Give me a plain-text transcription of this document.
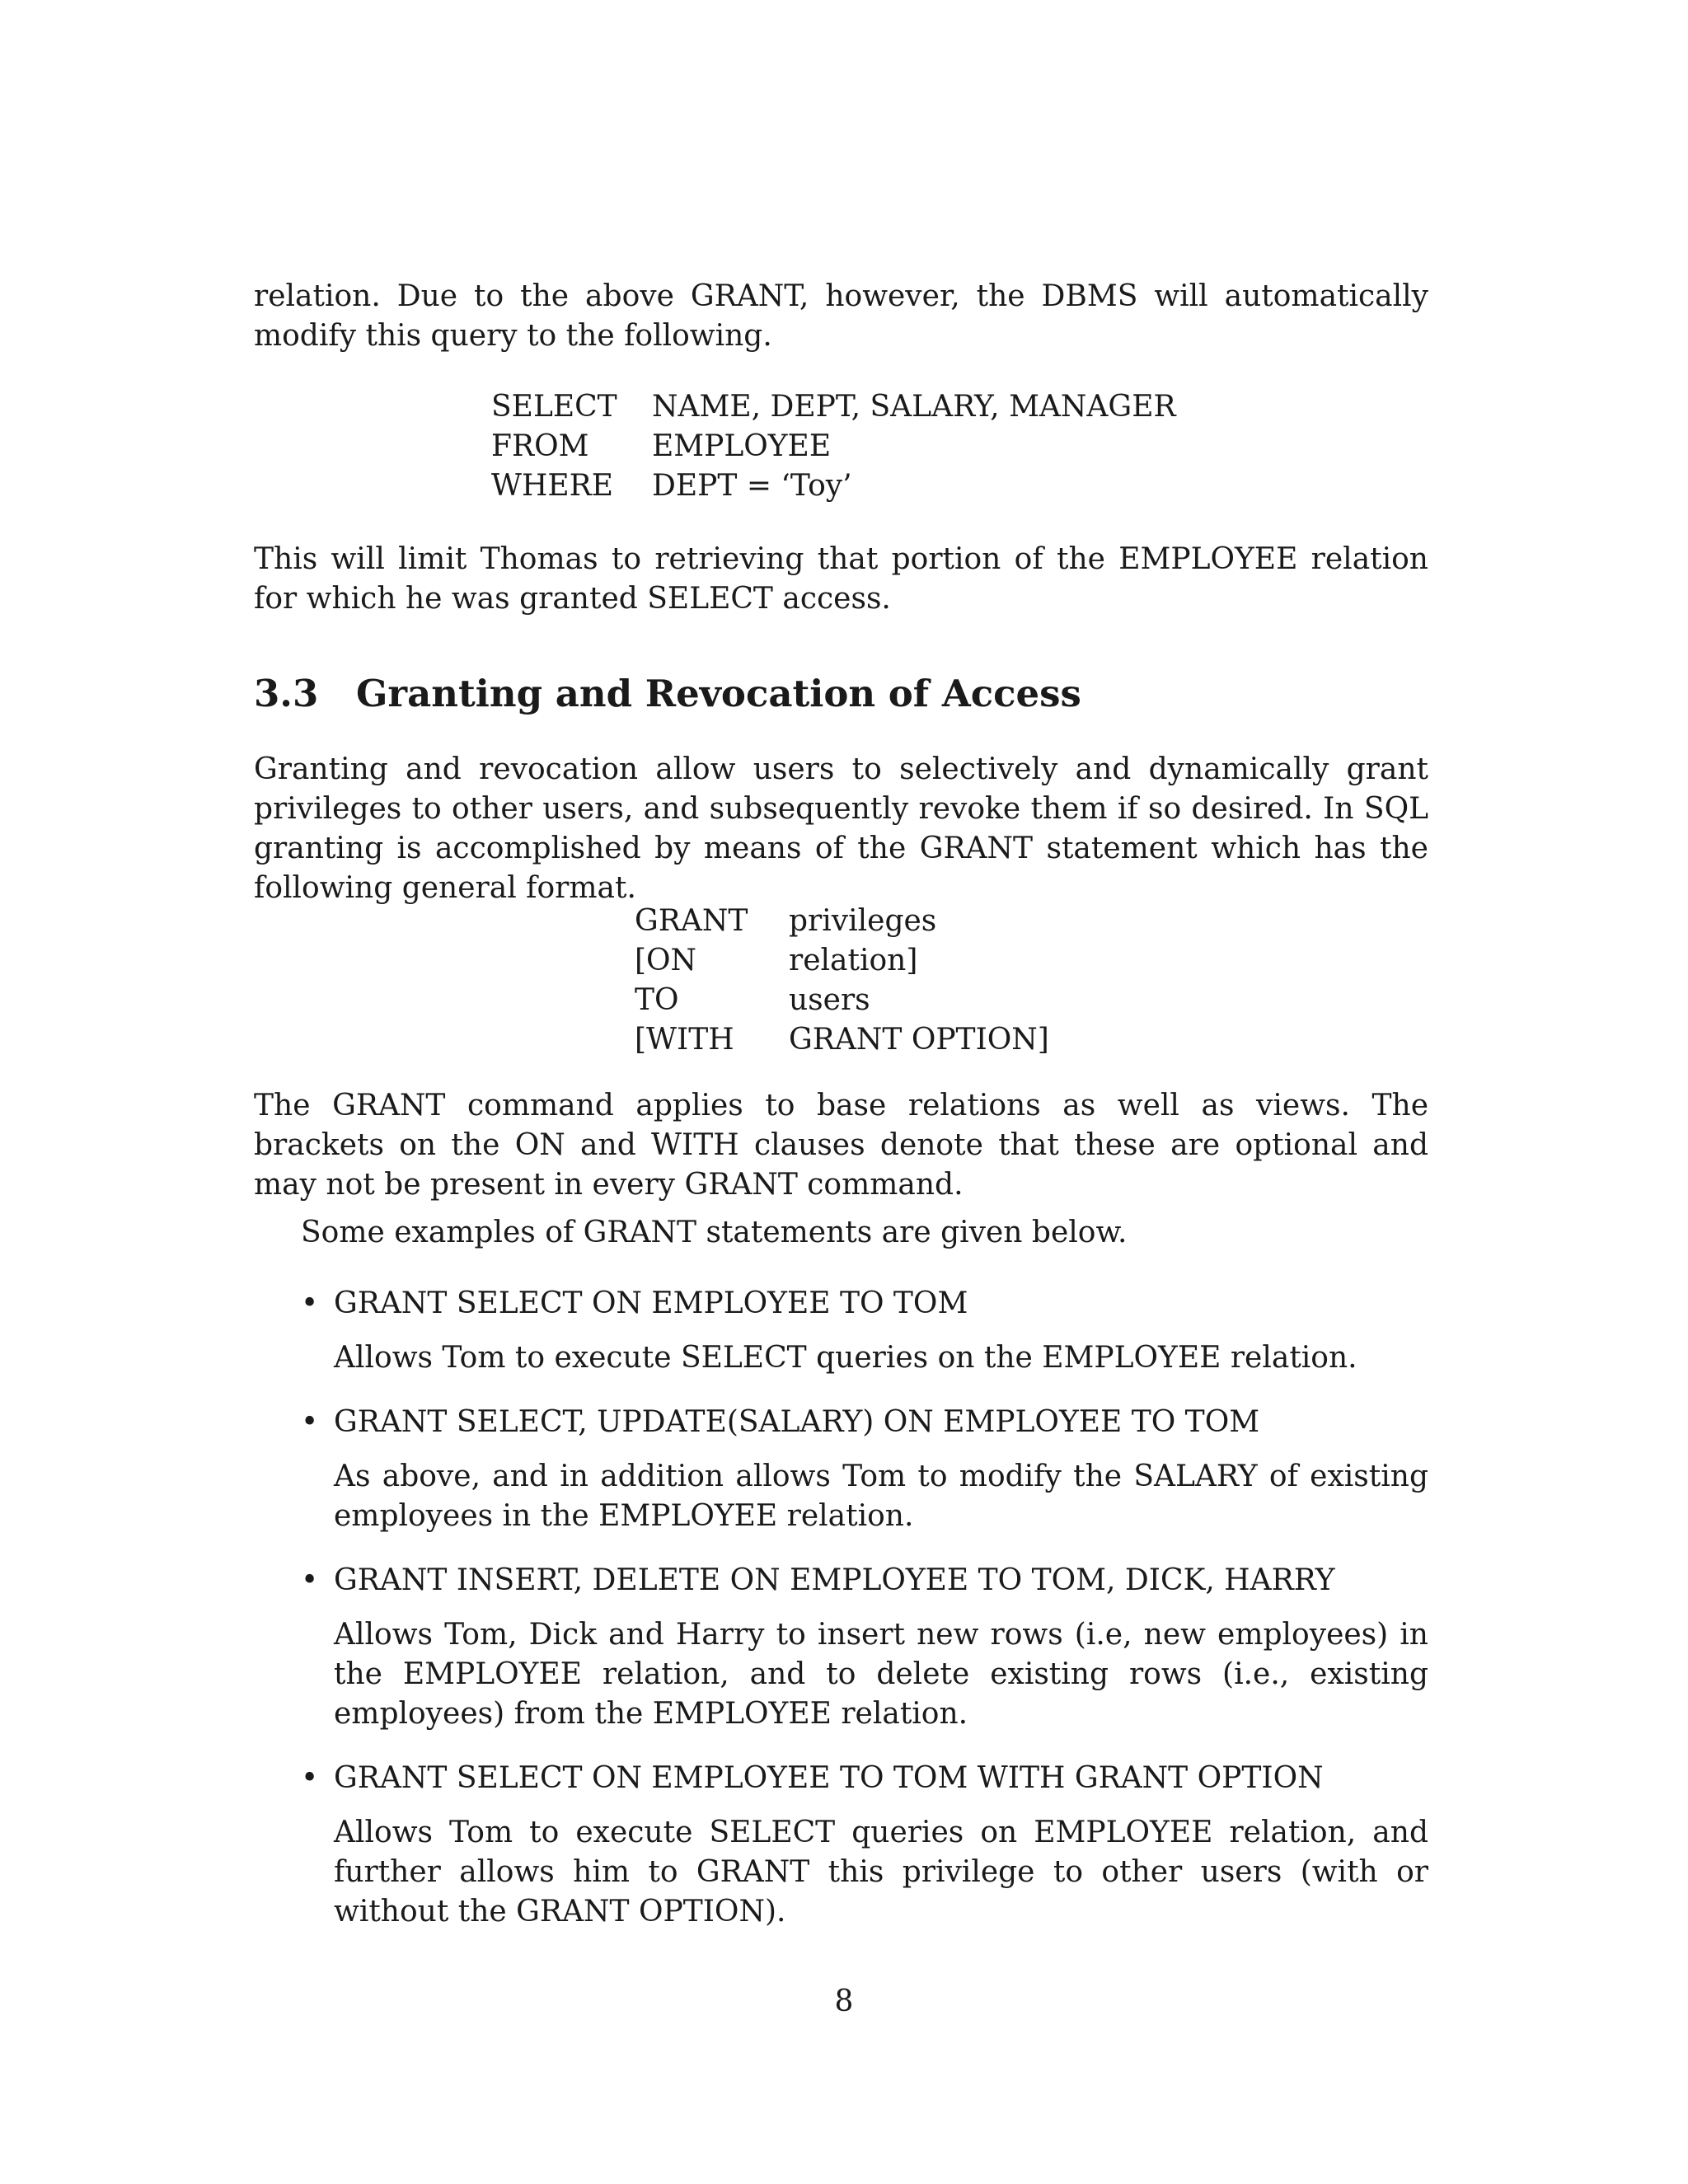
relation. Due to the above GRANT, however, the DBMS will automatically modify this query to the following.

SELECT	NAME, DEPT, SALARY, MANAGER
FROM	EMPLOYEE
WHERE	DEPT = ‘Toy’

This will limit Thomas to retrieving that portion of the EMPLOYEE relation for which he was granted SELECT access.

3.3 Granting and Revocation of Access

Granting and revocation allow users to selectively and dynamically grant privileges to other users, and subsequently revoke them if so desired. In SQL granting is accomplished by means of the GRANT statement which has the following general format.

GRANT	privileges
[ON	relation]
TO	users
[WITH	GRANT OPTION]

The GRANT command applies to base relations as well as views. The brackets on the ON and WITH clauses denote that these are optional and may not be present in every GRANT command.

Some examples of GRANT statements are given below.

• GRANT SELECT ON EMPLOYEE TO TOM

Allows Tom to execute SELECT queries on the EMPLOYEE relation.

• GRANT SELECT, UPDATE(SALARY) ON EMPLOYEE TO TOM

As above, and in addition allows Tom to modify the SALARY of existing employees in the EMPLOYEE relation.

• GRANT INSERT, DELETE ON EMPLOYEE TO TOM, DICK, HARRY

Allows Tom, Dick and Harry to insert new rows (i.e, new employees) in the EMPLOYEE relation, and to delete existing rows (i.e., existing employees) from the EMPLOYEE relation.

• GRANT SELECT ON EMPLOYEE TO TOM WITH GRANT OPTION

Allows Tom to execute SELECT queries on EMPLOYEE relation, and further allows him to GRANT this privilege to other users (with or without the GRANT OPTION).

8
